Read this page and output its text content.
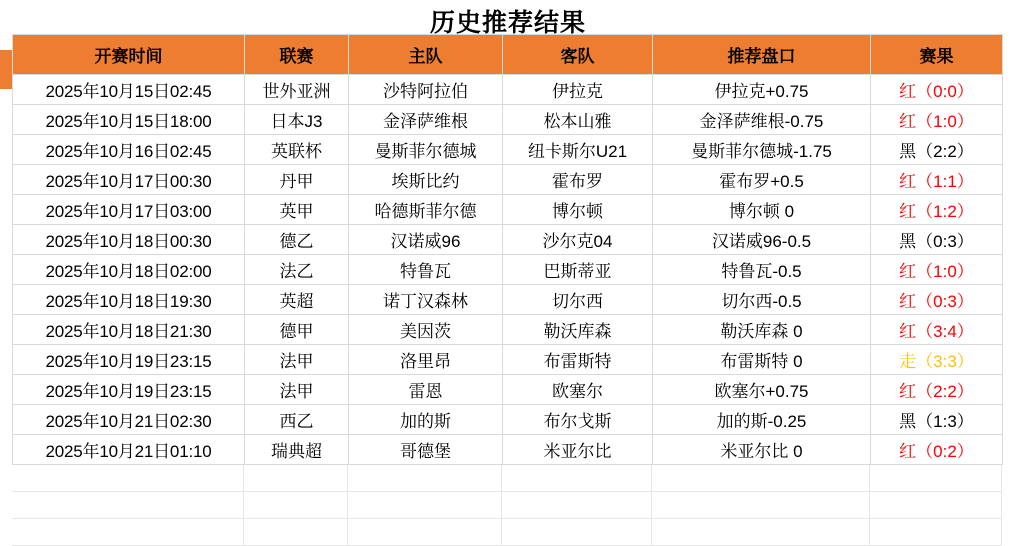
历史推荐结果
开赛时间	联赛	主队	客队	推荐盘口	赛果
2025年10月15日02:45	世外亚洲	沙特阿拉伯	伊拉克	伊拉克+0.75	红（0:0）
2025年10月15日18:00	日本J3	金泽萨维根	松本山雅	金泽萨维根-0.75	红（1:0）
2025年10月16日02:45	英联杯	曼斯菲尔德城	纽卡斯尔U21	曼斯菲尔德城-1.75	黑（2:2）
2025年10月17日00:30	丹甲	埃斯比约	霍布罗	霍布罗+0.5	红（1:1）
2025年10月17日03:00	英甲	哈德斯菲尔德	博尔顿	博尔顿 0	红（1:2）
2025年10月18日00:30	德乙	汉诺威96	沙尔克04	汉诺威96-0.5	黑（0:3）
2025年10月18日02:00	法乙	特鲁瓦	巴斯蒂亚	特鲁瓦-0.5	红（1:0）
2025年10月18日19:30	英超	诺丁汉森林	切尔西	切尔西-0.5	红（0:3）
2025年10月18日21:30	德甲	美因茨	勒沃库森	勒沃库森 0	红（3:4）
2025年10月19日23:15	法甲	洛里昂	布雷斯特	布雷斯特 0	走（3:3）
2025年10月19日23:15	法甲	雷恩	欧塞尔	欧塞尔+0.75	红（2:2）
2025年10月21日02:30	西乙	加的斯	布尔戈斯	加的斯-0.25	黑（1:3）
2025年10月21日01:10	瑞典超	哥德堡	米亚尔比	米亚尔比 0	红（0:2）
